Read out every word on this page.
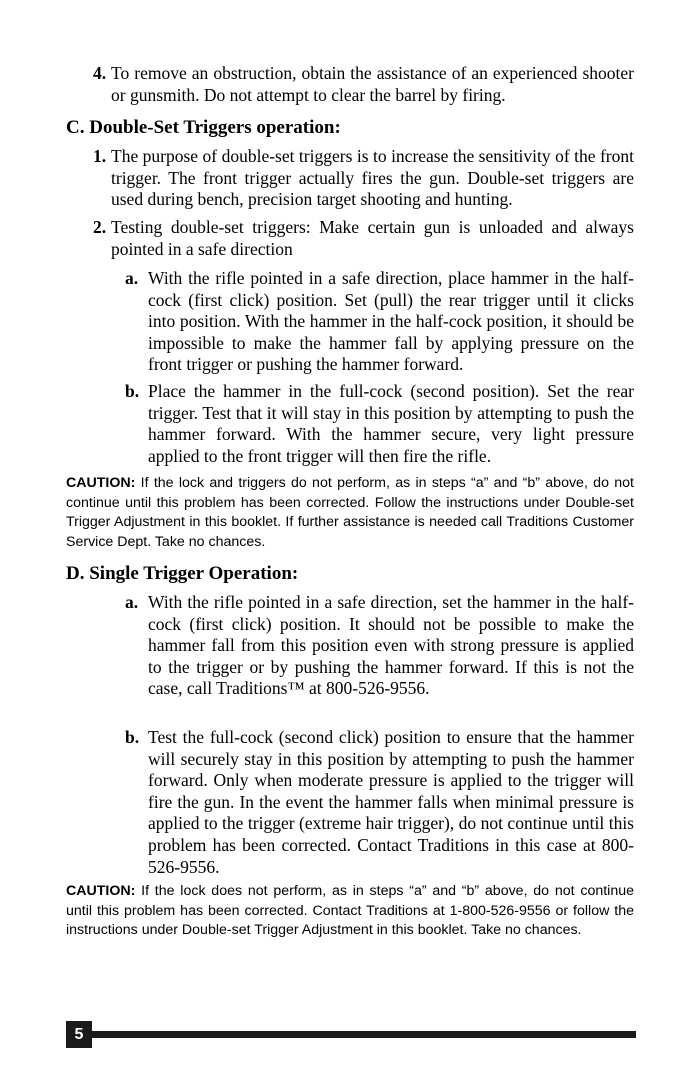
4. To remove an obstruction, obtain the assistance of an experienced shooter or gunsmith. Do not attempt to clear the barrel by firing.

C. Double-Set Triggers operation:
1. The purpose of double-set triggers is to increase the sensitivity of the front trigger. The front trigger actually fires the gun. Double-set triggers are used during bench, precision target shooting and hunting.

2. Testing double-set triggers: Make certain gun is unloaded and always pointed in a safe direction

a. With the rifle pointed in a safe direction, place hammer in the half-cock (first click) position. Set (pull) the rear trigger until it clicks into position. With the hammer in the half-cock position, it should be impossible to make the hammer fall by applying pressure on the front trigger or pushing the hammer forward.

b. Place the hammer in the full-cock (second position). Set the rear trigger. Test that it will stay in this position by attempting to push the hammer forward. With the hammer secure, very light pressure applied to the front trigger will then fire the rifle.

CAUTION: If the lock and triggers do not perform, as in steps “a” and “b” above, do not continue until this problem has been corrected. Follow the instructions under Double-set Trigger Adjustment in this booklet. If further assistance is needed call Traditions Customer Service Dept. Take no chances.

D. Single Trigger Operation:
a. With the rifle pointed in a safe direction, set the hammer in the half-cock (first click) position. It should not be possible to make the hammer fall from this position even with strong pressure is applied to the trigger or by pushing the hammer forward. If this is not the case, call Traditions™ at 800-526-9556.

b. Test the full-cock (second click) position to ensure that the hammer will securely stay in this position by attempting to push the hammer forward. Only when moderate pressure is applied to the trigger will fire the gun. In the event the hammer falls when minimal pressure is applied to the trigger (extreme hair trigger), do not continue until this problem has been corrected. Contact Traditions in this case at 800-526-9556.

CAUTION: If the lock does not perform, as in steps “a” and “b” above, do not continue until this problem has been corrected. Contact Traditions at 1-800-526-9556 or follow the instructions under Double-set Trigger Adjustment in this booklet. Take no chances.

5
